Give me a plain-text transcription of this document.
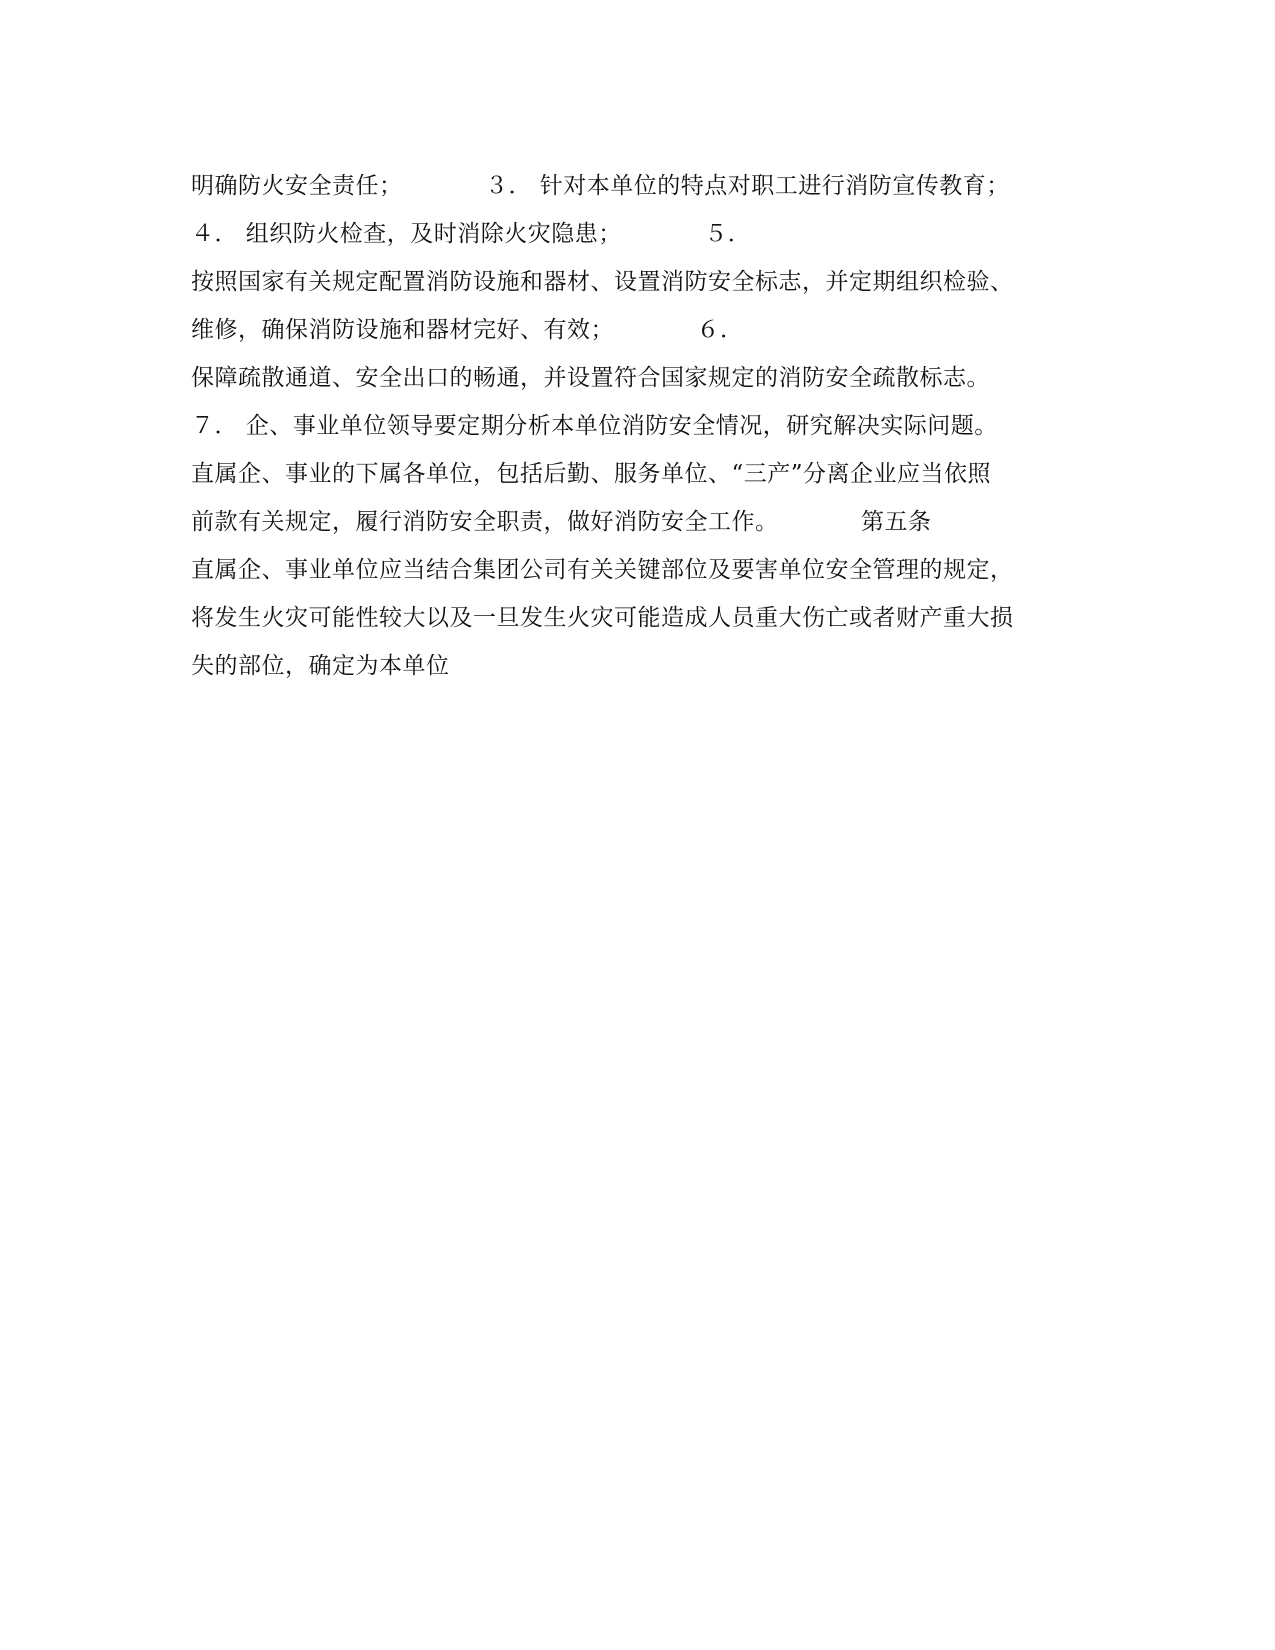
明确防火安全责任；　　　　３． 针对本单位的特点对职工进行消防宣传教育；
４． 组织防火检查，及时消除火灾隐患；　　　　５．
按照国家有关规定配置消防设施和器材、设置消防安全标志，并定期组织检验、
维修，确保消防设施和器材完好、有效；　　　　６．
保障疏散通道、安全出口的畅通，并设置符合国家规定的消防安全疏散标志。
７． 企、事业单位领导要定期分析本单位消防安全情况，研究解决实际问题。
直属企、事业的下属各单位，包括后勤、服务单位、“三产”分离企业应当依照
前款有关规定，履行消防安全职责，做好消防安全工作。　　　　第五条
直属企、事业单位应当结合集团公司有关关键部位及要害单位安全管理的规定，
将发生火灾可能性较大以及一旦发生火灾可能造成人员重大伤亡或者财产重大损
失的部位，确定为本单位
